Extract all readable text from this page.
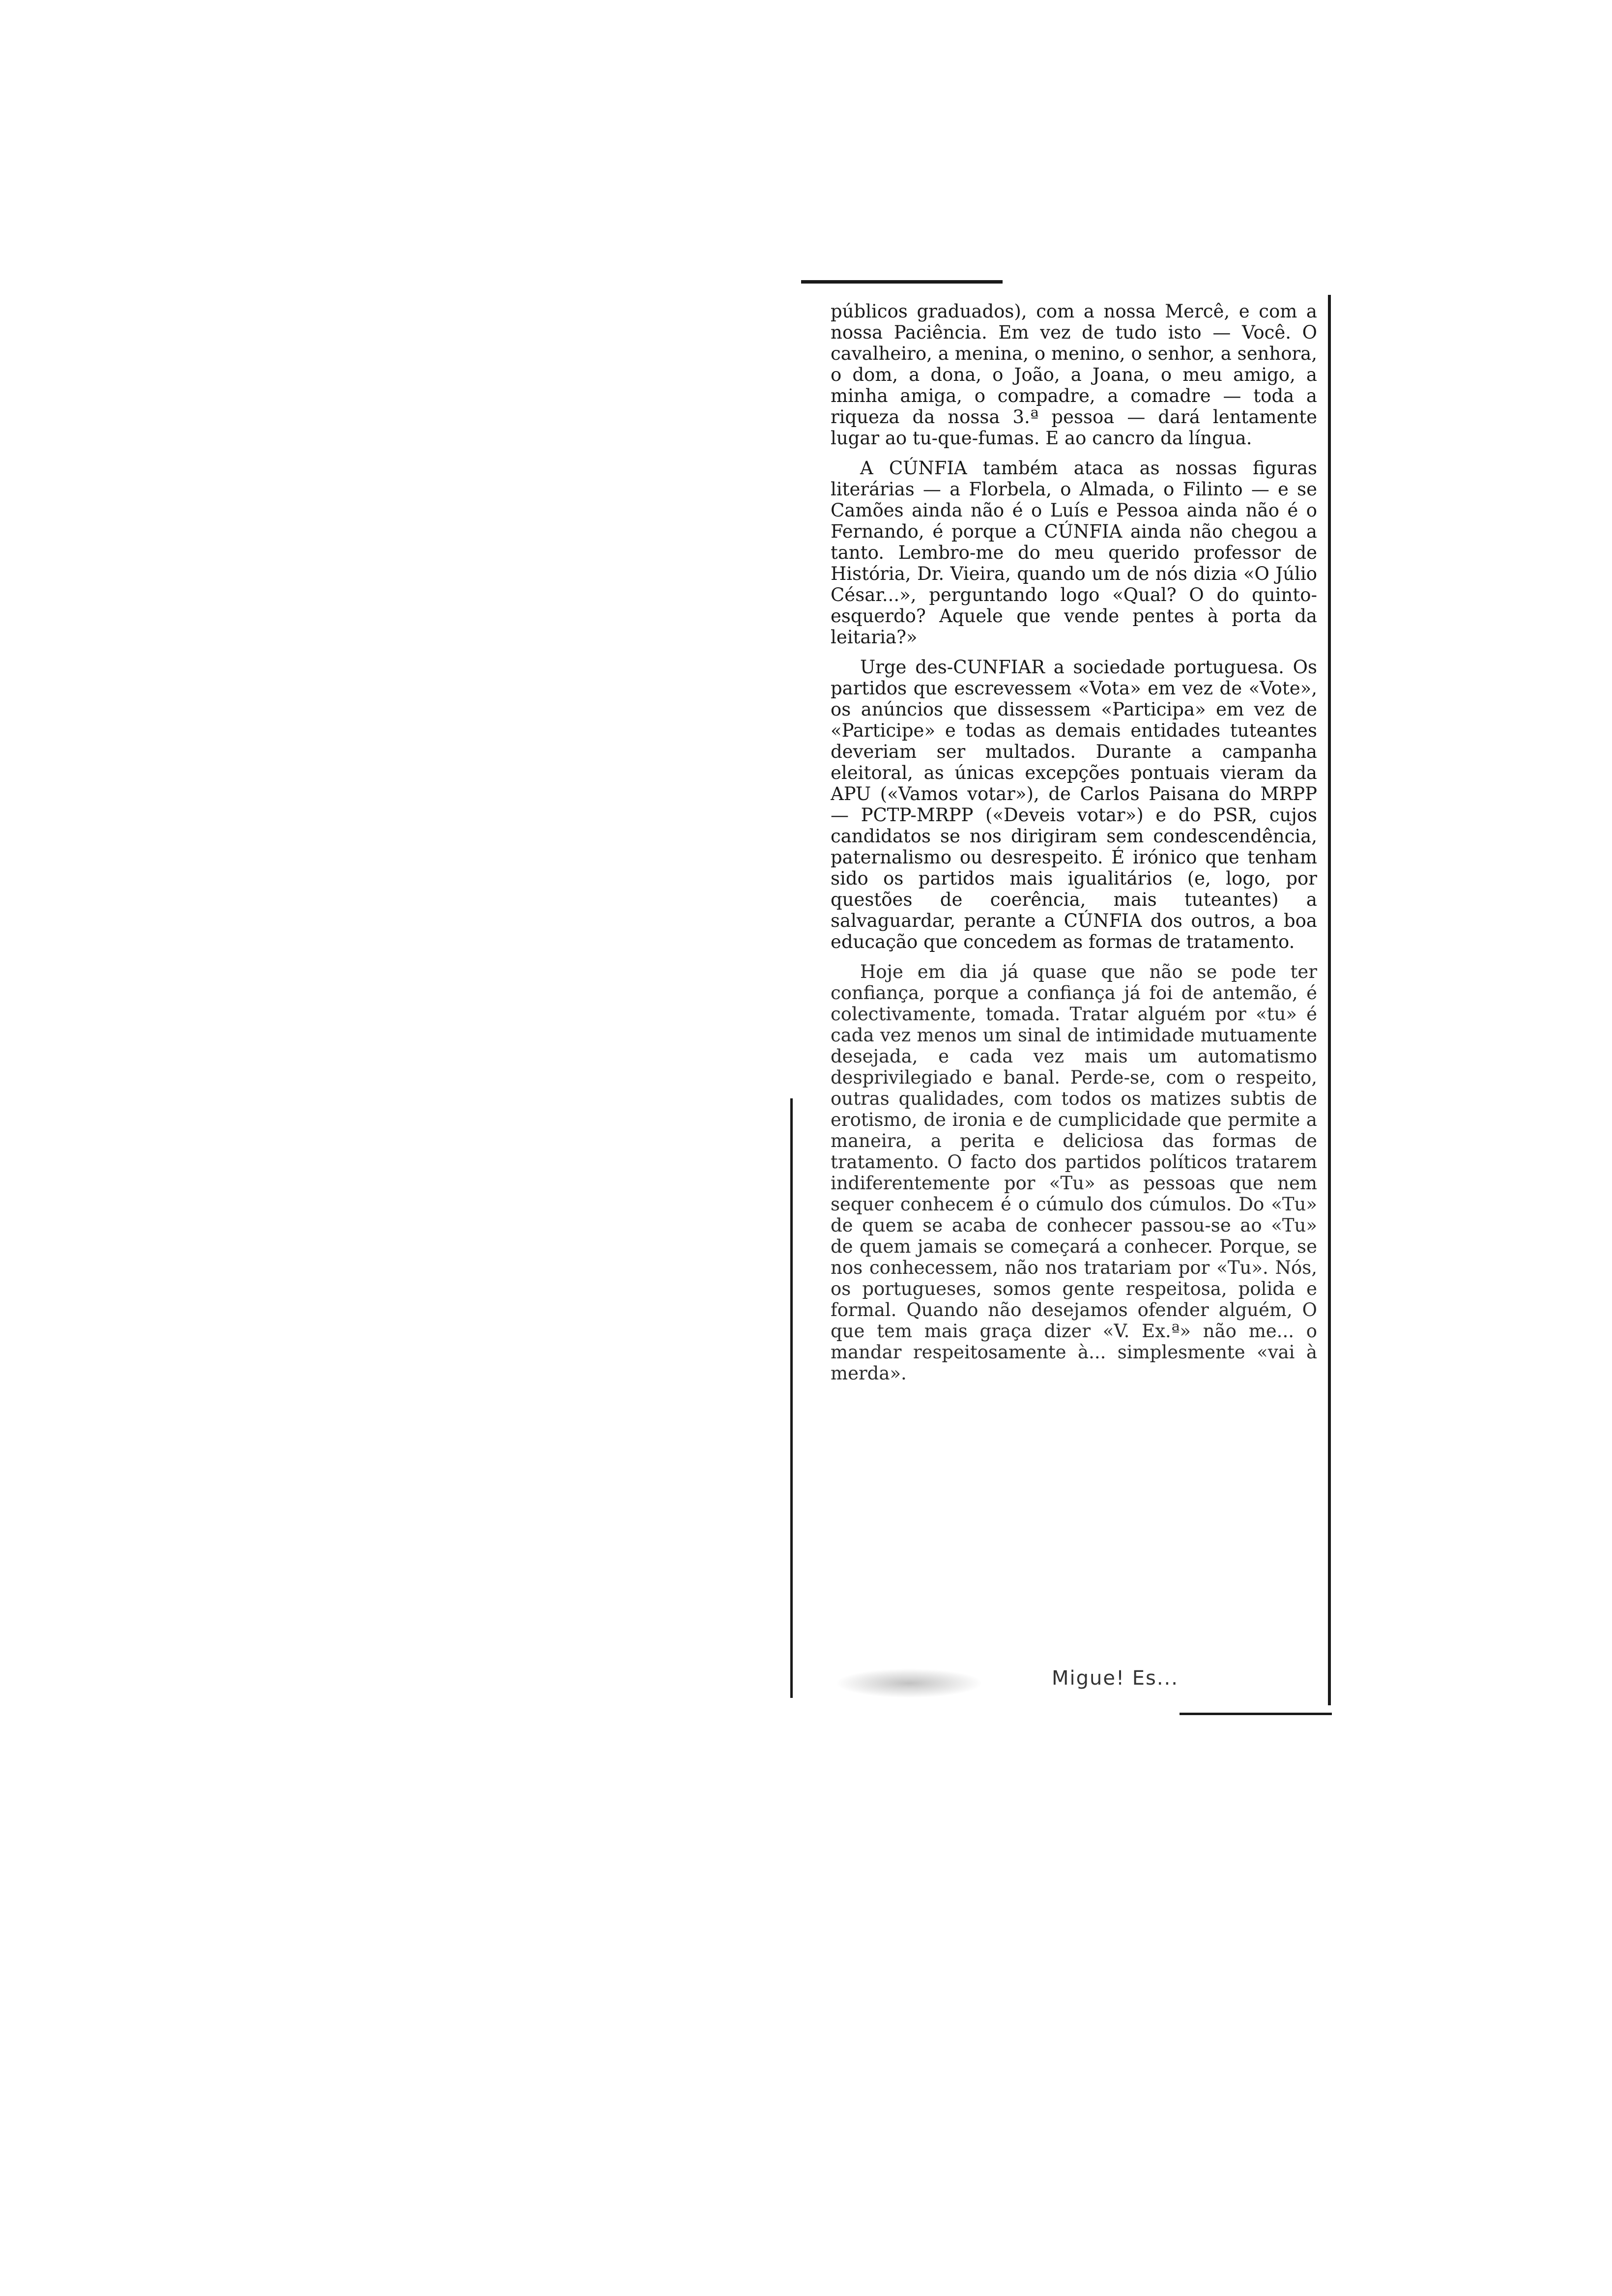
públicos graduados), com a nossa Mercê, e com a nossa Paciência. Em vez de tudo isto — Você. O cavalheiro, a menina, o menino, o senhor, a senhora, o dom, a dona, o João, a Joana, o meu amigo, a minha amiga, o compadre, a comadre — toda a riqueza da nossa 3.ª pessoa — dará lentamente lugar ao tu-que-fumas. E ao cancro da língua.

A CÚNFIA também ataca as nossas figuras literárias — a Florbela, o Almada, o Filinto — e se Camões ainda não é o Luís e Pessoa ainda não é o Fernando, é porque a CÚNFIA ainda não chegou a tanto. Lembro-me do meu querido professor de História, Dr. Vieira, quando um de nós dizia «O Júlio César...», perguntando logo «Qual? O do quinto-esquerdo? Aquele que vende pentes à porta da leitaria?»

Urge des-CUNFIAR a sociedade portuguesa. Os partidos que escrevessem «Vota» em vez de «Vote», os anúncios que dissessem «Participa» em vez de «Participe» e todas as demais entidades tuteantes deveriam ser multados. Durante a campanha eleitoral, as únicas excepções pontuais vieram da APU («Vamos votar»), de Carlos Paisana do MRPP — PCTP-MRPP («Deveis votar») e do PSR, cujos candidatos se nos dirigiram sem condescendência, paternalismo ou desrespeito. É irónico que tenham sido os partidos mais igualitários (e, logo, por questões de coerência, mais tuteantes) a salvaguardar, perante a CÚNFIA dos outros, a boa educação que concedem as formas de tratamento.

Hoje em dia já quase que não se pode ter confiança, porque a confiança já foi de antemão, é colectivamente, tomada. Tratar alguém por «tu» é cada vez menos um sinal de intimidade mutuamente desejada, e cada vez mais um automatismo desprivilegiado e banal. Perde-se, com o respeito, outras qualidades, com todos os matizes subtis de erotismo, de ironia e de cumplicidade que permite a maneira, a perita e deliciosa das formas de tratamento. O facto dos partidos políticos tratarem indiferentemente por «Tu» as pessoas que nem sequer conhecem é o cúmulo dos cúmulos. Do «Tu» de quem se acaba de conhecer passou-se ao «Tu» de quem jamais se começará a conhecer. Porque, se nos conhecessem, não nos tratariam por «Tu». Nós, os portugueses, somos gente respeitosa, polida e formal. Quando não desejamos ofender alguém, O que tem mais graça dizer «V. Ex.ª» não me... o mandar respeitosamente à... simplesmente «vai à merda».

Migue! Es...
